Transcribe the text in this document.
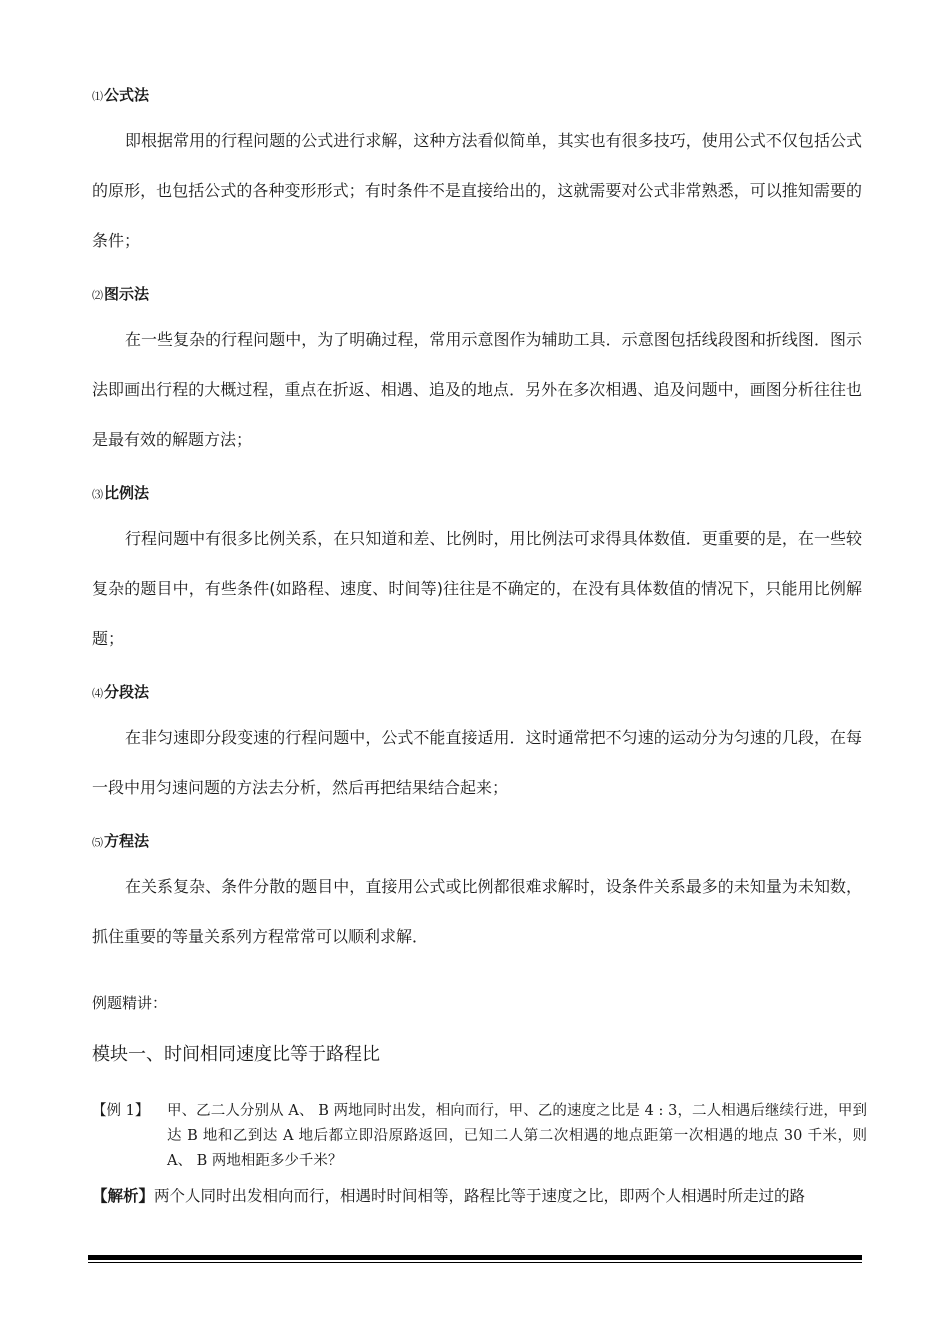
⑴公式法

即根据常用的行程问题的公式进行求解，这种方法看似简单，其实也有很多技巧，使用公式不仅包括公式的原形，也包括公式的各种变形形式；有时条件不是直接给出的，这就需要对公式非常熟悉，可以推知需要的条件；

⑵图示法

在一些复杂的行程问题中，为了明确过程，常用示意图作为辅助工具．示意图包括线段图和折线图．图示法即画出行程的大概过程，重点在折返、相遇、追及的地点．另外在多次相遇、追及问题中，画图分析往往也是最有效的解题方法；

⑶比例法

行程问题中有很多比例关系，在只知道和差、比例时，用比例法可求得具体数值．更重要的是，在一些较复杂的题目中，有些条件(如路程、速度、时间等)往往是不确定的，在没有具体数值的情况下，只能用比例解题；

⑷分段法

在非匀速即分段变速的行程问题中，公式不能直接适用．这时通常把不匀速的运动分为匀速的几段，在每一段中用匀速问题的方法去分析，然后再把结果结合起来；

⑸方程法

在关系复杂、条件分散的题目中，直接用公式或比例都很难求解时，设条件关系最多的未知量为未知数，抓住重要的等量关系列方程常常可以顺利求解．

例题精讲：
模块一、时间相同速度比等于路程比
【例 1】 甲、乙二人分别从 A、 B 两地同时出发，相向而行，甲、乙的速度之比是 4 : 3，二人相遇后继续行进，甲到达 B 地和乙到达 A 地后都立即沿原路返回，已知二人第二次相遇的地点距第一次相遇的地点 30 千米，则 A、 B 两地相距多少千米？
【解析】两个人同时出发相向而行，相遇时时间相等，路程比等于速度之比，即两个人相遇时所走过的路
